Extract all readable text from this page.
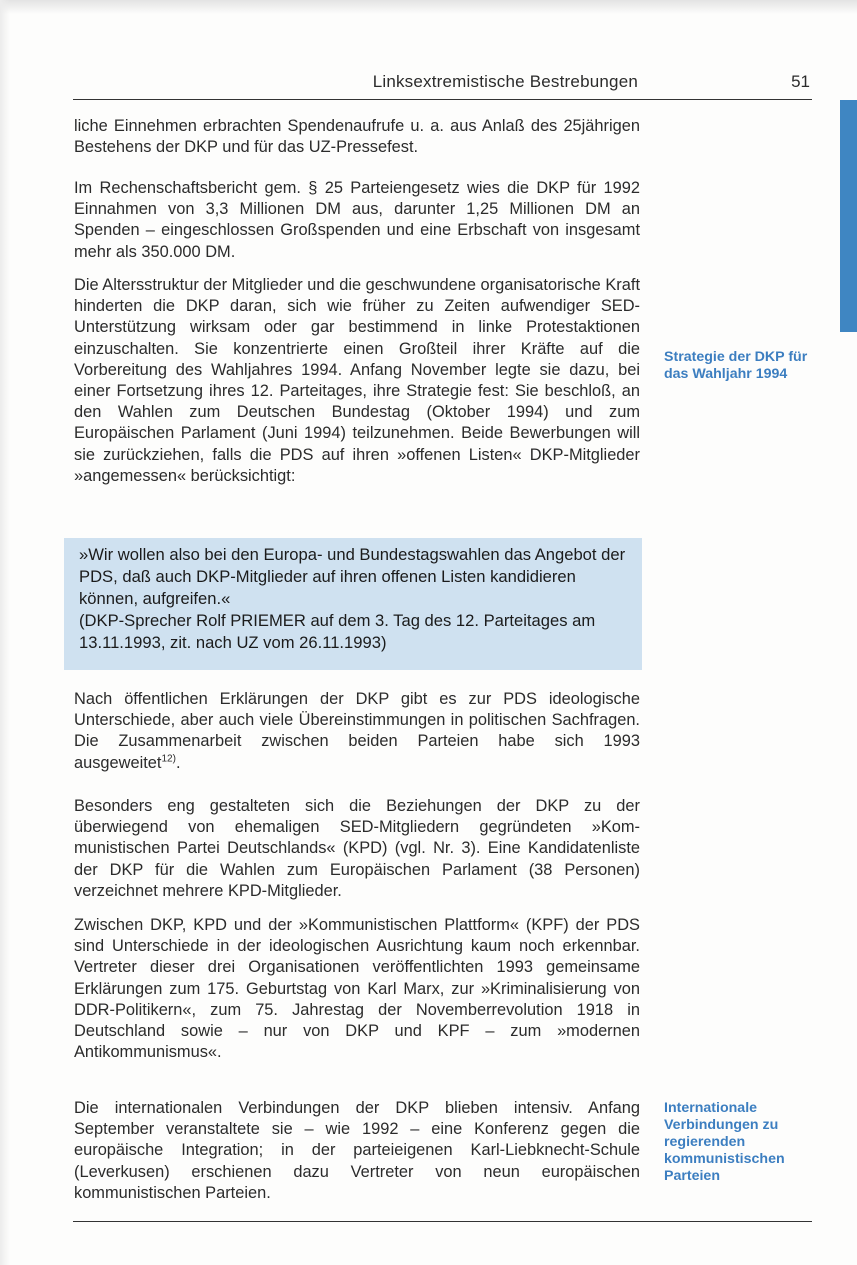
Linksextremistische Bestrebungen	51

liche Einnehmen erbrachten Spendenaufrufe u. a. aus Anlaß des 25jährigen Bestehens der DKP und für das UZ-Pressefest.

Im Rechenschaftsbericht gem. § 25 Parteiengesetz wies die DKP für 1992 Einnahmen von 3,3 Millionen DM aus, darunter 1,25 Millionen DM an Spenden – eingeschlossen Großspenden und eine Erbschaft von insgesamt mehr als 350.000 DM.

Die Altersstruktur der Mitglieder und die geschwundene organisatorische Kraft hinderten die DKP daran, sich wie früher zu Zeiten aufwendiger SED-Unterstützung wirksam oder gar bestimmend in linke Protestaktionen einzuschalten. Sie konzentrierte einen Großteil ihrer Kräfte auf die Vorbereitung des Wahljahres 1994. Anfang November legte sie dazu, bei einer Fortsetzung ihres 12. Parteitages, ihre Strategie fest: Sie beschloß, an den Wahlen zum Deutschen Bundestag (Oktober 1994) und zum Europäischen Parlament (Juni 1994) teilzunehmen. Beide Bewerbungen will sie zurückziehen, falls die PDS auf ihren »offenen Listen« DKP-Mitglieder »angemessen« berücksichtigt:

»Wir wollen also bei den Europa- und Bundestagswahlen das Angebot der PDS, daß auch DKP-Mitglieder auf ihren offenen Listen kandidieren können, aufgreifen.«
(DKP-Sprecher Rolf PRIEMER auf dem 3. Tag des 12. Parteitages am 13.11.1993, zit. nach UZ vom 26.11.1993)

Nach öffentlichen Erklärungen der DKP gibt es zur PDS ideologische Unterschiede, aber auch viele Übereinstimmungen in politischen Sachfragen. Die Zusammenarbeit zwischen beiden Parteien habe sich 1993 ausgeweitet$^{12)}$.

Besonders eng gestalteten sich die Beziehungen der DKP zu der überwiegend von ehemaligen SED-Mitgliedern gegründeten »Kommunistischen Partei Deutschlands« (KPD) (vgl. Nr. 3). Eine Kandidatenliste der DKP für die Wahlen zum Europäischen Parlament (38 Personen) verzeichnet mehrere KPD-Mitglieder.

Zwischen DKP, KPD und der »Kommunistischen Plattform« (KPF) der PDS sind Unterschiede in der ideologischen Ausrichtung kaum noch erkennbar. Vertreter dieser drei Organisationen veröffentlichten 1993 gemeinsame Erklärungen zum 175. Geburtstag von Karl Marx, zur »Kriminalisierung von DDR-Politikern«, zum 75. Jahrestag der Novemberrevolution 1918 in Deutschland sowie – nur von DKP und KPF – zum »modernen Antikommunismus«.

Die internationalen Verbindungen der DKP blieben intensiv. Anfang September veranstaltete sie – wie 1992 – eine Konferenz gegen die europäische Integration; in der parteieigenen Karl-Liebknecht-Schule (Leverkusen) erschienen dazu Vertreter von neun europäischen kommunistischen Parteien.

Strategie der DKP für das Wahljahr 1994

Internationale Verbindungen zu regierenden kommunistischen Parteien
